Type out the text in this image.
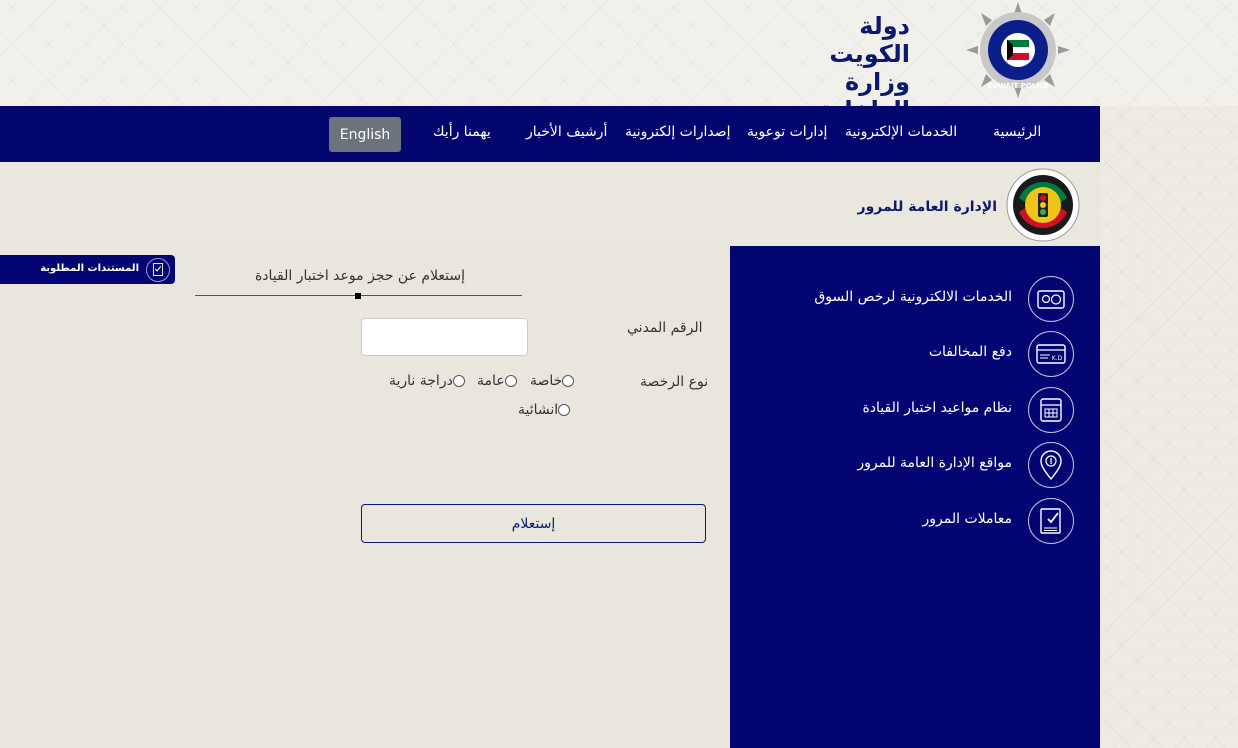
دولة الكويت
وزارة	KUWAIT POLICE
الرئيسية
الخدمات الإلكترونية
إدارات توعوية
إصدارات إلكترونية
أرشيف الأخبار
يهمنا رأيك
English
الإدارة العامة للمرور
الخدمات الالكترونية لرخص السوق
K.D
دفع المخالفات
نظام مواعيد اختبار القيادة
مواقع الإدارة العامة للمرور
معاملات المرور
المستندات المطلوبة	إستعلام عن حجز موعد اختبار القيادة
الرقم المدني
نوع الرخصة
خاصة
عامة
دراجة نارية
انشائية
إستعلام
